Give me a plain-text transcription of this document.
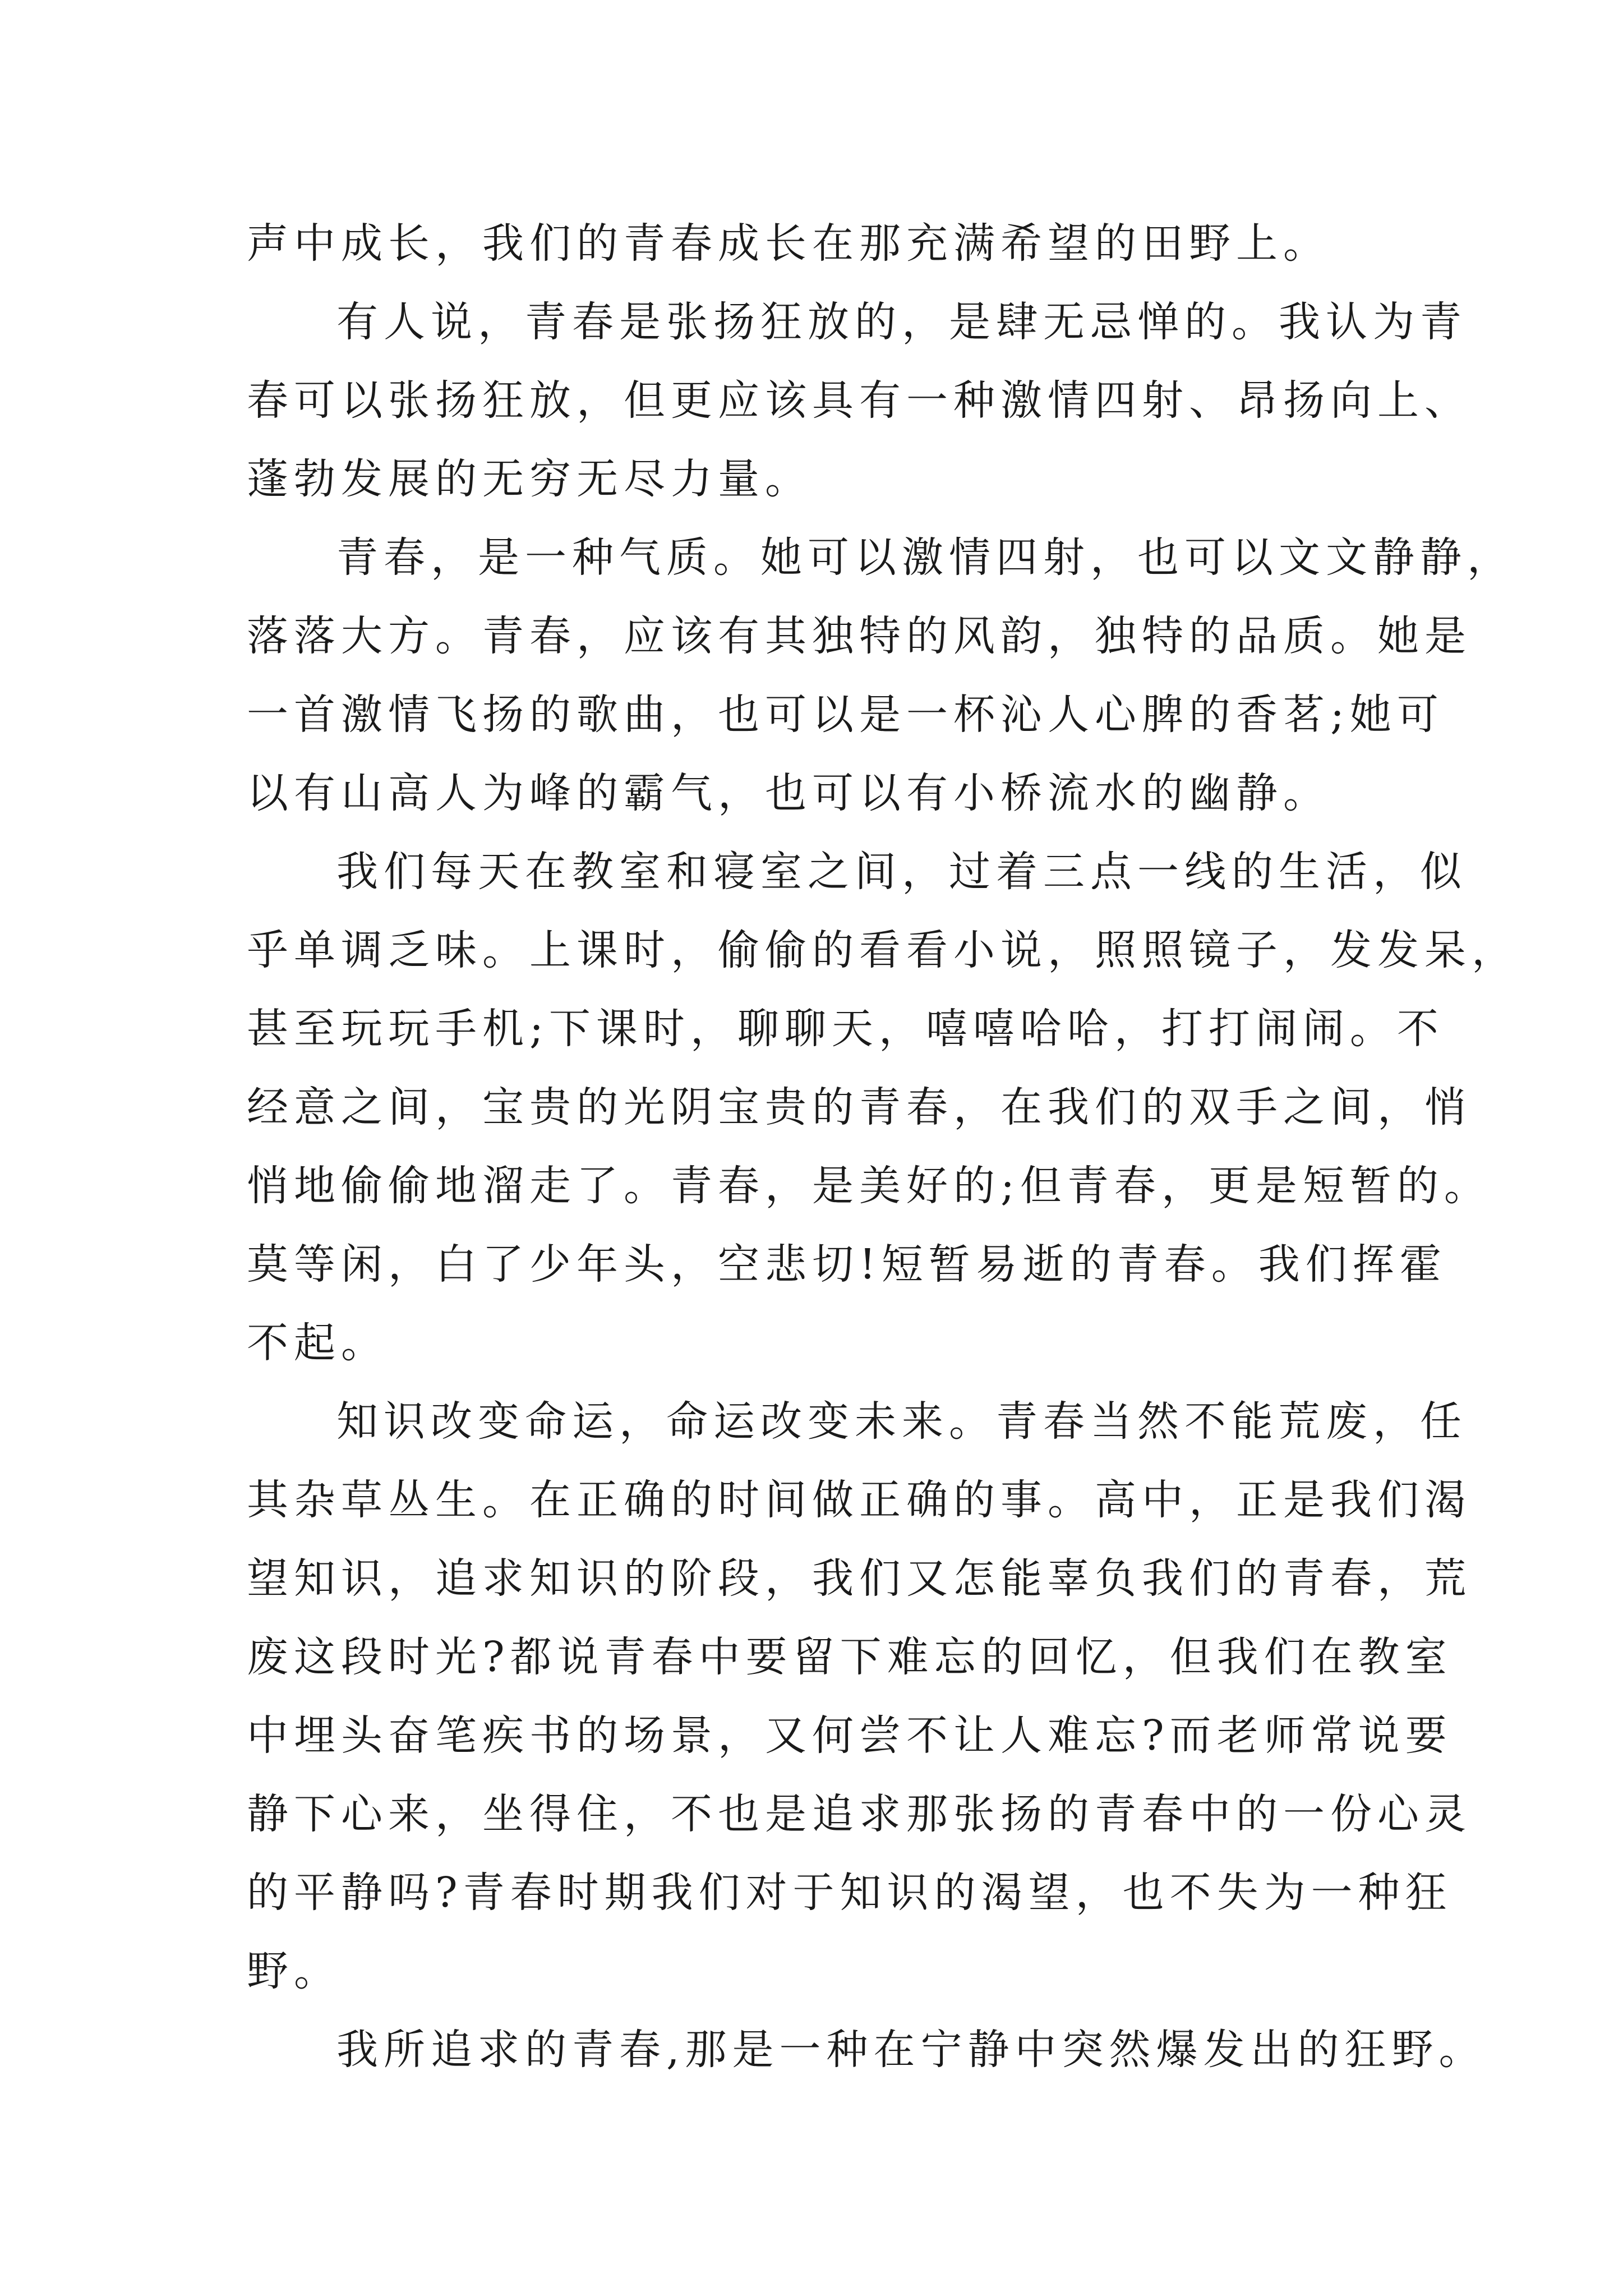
声中成长，我们的青春成长在那充满希望的田野上。
有人说，青春是张扬狂放的，是肆无忌惮的。我认为青
春可以张扬狂放，但更应该具有一种激情四射、昂扬向上、
蓬勃发展的无穷无尽力量。
青春，是一种气质。她可以激情四射，也可以文文静静，
落落大方。青春，应该有其独特的风韵，独特的品质。她是
一首激情飞扬的歌曲，也可以是一杯沁人心脾的香茗;她可
以有山高人为峰的霸气，也可以有小桥流水的幽静。
我们每天在教室和寝室之间，过着三点一线的生活，似
乎单调乏味。上课时，偷偷的看看小说，照照镜子，发发呆，
甚至玩玩手机;下课时，聊聊天，嘻嘻哈哈，打打闹闹。不
经意之间，宝贵的光阴宝贵的青春，在我们的双手之间，悄
悄地偷偷地溜走了。青春，是美好的;但青春，更是短暂的。
莫等闲，白了少年头，空悲切!短暂易逝的青春。我们挥霍
不起。
知识改变命运，命运改变未来。青春当然不能荒废，任
其杂草丛生。在正确的时间做正确的事。高中，正是我们渴
望知识，追求知识的阶段，我们又怎能辜负我们的青春，荒
废这段时光?都说青春中要留下难忘的回忆，但我们在教室
中埋头奋笔疾书的场景，又何尝不让人难忘?而老师常说要
静下心来，坐得住，不也是追求那张扬的青春中的一份心灵
的平静吗?青春时期我们对于知识的渴望，也不失为一种狂
野。
我所追求的青春,那是一种在宁静中突然爆发出的狂野。
